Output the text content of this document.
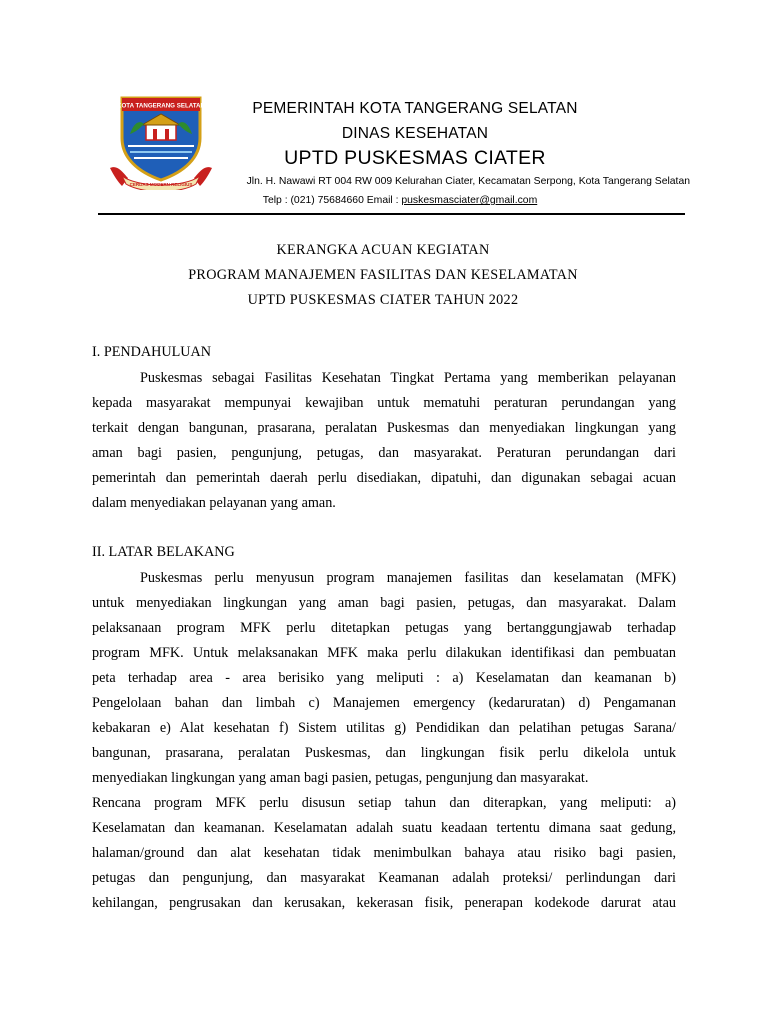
KOTA TANGERANG SELATAN
CERDAS MODERN RELIGIUS
PEMERINTAH KOTA TANGERANG SELATAN
DINAS KESEHATAN
UPTD PUSKESMAS CIATER
Jln. H. Nawawi RT 004 RW 009 Kelurahan Ciater, Kecamatan Serpong, Kota Tangerang Selatan
Telp : (021) 75684660 Email : puskesmasciater@gmail.com
KERANGKA ACUAN KEGIATAN
PROGRAM MANAJEMEN FASILITAS DAN KESELAMATAN
UPTD PUSKESMAS CIATER TAHUN 2022
I. PENDAHULUAN
Puskesmas sebagai Fasilitas Kesehatan Tingkat Pertama yang memberikan pelayanan
kepada masyarakat mempunyai kewajiban untuk mematuhi peraturan perundangan yang
terkait dengan bangunan, prasarana, peralatan Puskesmas dan menyediakan lingkungan yang
aman bagi pasien, pengunjung, petugas, dan masyarakat. Peraturan perundangan dari
pemerintah dan pemerintah daerah perlu disediakan, dipatuhi, dan digunakan sebagai acuan
dalam menyediakan pelayanan yang aman.
II. LATAR BELAKANG
Puskesmas perlu menyusun program manajemen fasilitas dan keselamatan (MFK)
untuk menyediakan lingkungan yang aman bagi pasien, petugas, dan masyarakat. Dalam
pelaksanaan program MFK perlu ditetapkan petugas yang bertanggungjawab terhadap
program MFK. Untuk melaksanakan MFK maka perlu dilakukan identifikasi dan pembuatan
peta terhadap area - area berisiko yang meliputi : a) Keselamatan dan keamanan b)
Pengelolaan bahan dan limbah c) Manajemen emergency (kedaruratan) d) Pengamanan
kebakaran e) Alat kesehatan f) Sistem utilitas g) Pendidikan dan pelatihan petugas Sarana/
bangunan, prasarana, peralatan Puskesmas, dan lingkungan fisik perlu dikelola untuk
menyediakan lingkungan yang aman bagi pasien, petugas, pengunjung dan masyarakat.
Rencana program MFK perlu disusun setiap tahun dan diterapkan, yang meliputi: a)
Keselamatan dan keamanan. Keselamatan adalah suatu keadaan tertentu dimana saat gedung,
halaman/ground dan alat kesehatan tidak menimbulkan bahaya atau risiko bagi pasien,
petugas dan pengunjung, dan masyarakat Keamanan adalah proteksi/ perlindungan dari
kehilangan, pengrusakan dan kerusakan, kekerasan fisik, penerapan kodekode darurat atau
